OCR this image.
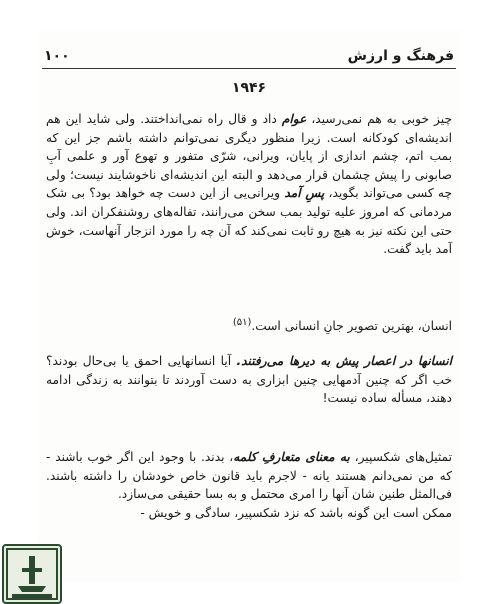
فرهنگ و ارزش
۱۰۰
۱۹۴۶
چیز خوبی به هم نمی‌رسید، عوام داد و قال راه نمی‌انداختند. ولی شاید این هم اندیشه‌ای کودکانه است. زیرا منظور دیگری نمی‌توانم داشته باشم جز این که بمب اتم، چشم اندازی از پایان، ویرانی، شرّی متفور و تهوع آور و علمی آبِ صابونی را پیش چشمان قرار می‌دهد و البته این اندیشه‌ای ناخوشایند نیست؛ ولی چه کسی می‌تواند بگوید، پسِ آمد ویرانی‌یی از این دست چه خواهد بود؟ بی شک مردمانی که امروز علیه تولید بمب سخن می‌رانند، تفاله‌های روشنفکران اند. ولی حتی این نکته نیز به هیچ رو ثابت نمی‌کند که آن چه را مورد انزجار آنهاست، خوش آمد باید گفت.
انسان، بهترین تصویر جانِ انسانی است.$^{(۵۱)}$
انسانها در اعصار پیش به دیرها می‌رفتند. آیا انسانهایی احمق یا بی‌حال بودند؟ خب اگر که چنین آدمهایی چنین ابزاری به دست آوردند تا بتوانند به زندگی ادامه دهند، مسأله ساده نیست!
تمثیل‌های شکسپیر، به معنای متعارفِ کلمه، بدند. با وجود این اگر خوب باشند - که من نمی‌دانم هستند یانه - لاجرم باید قانون خاص خودشان را داشته باشند. فی‌المثل طنین شان آنها را امری محتمل و به بسا حقیقی می‌سازد.
ممکن است این گونه باشد که نزد شکسپیر، سادگی و خویش -
